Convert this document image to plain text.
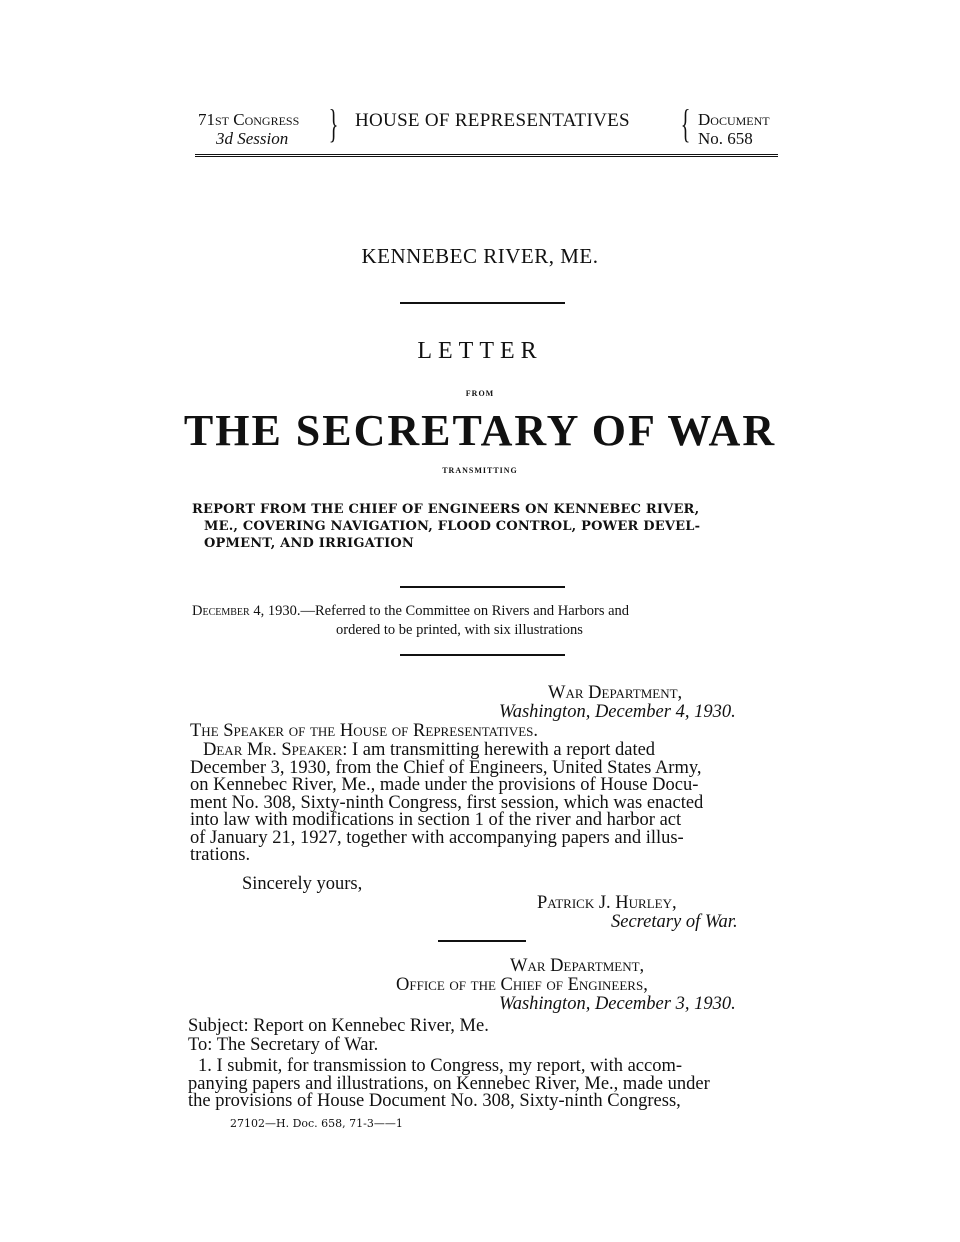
71st Congress
3d Session } HOUSE OF REPRESENTATIVES { Document
No. 658
KENNEBEC RIVER, ME.
LETTER
FROM
THE SECRETARY OF WAR
TRANSMITTING
REPORT FROM THE CHIEF OF ENGINEERS ON KENNEBEC RIVER,
ME., COVERING NAVIGATION, FLOOD CONTROL, POWER DEVEL-
OPMENT, AND IRRIGATION
December 4, 1930.—Referred to the Committee on Rivers and Harbors and
ordered to be printed, with six illustrations
War Department,
Washington, December 4, 1930.
The Speaker of the House of Representatives.
Dear Mr. Speaker: I am transmitting herewith a report dated
December 3, 1930, from the Chief of Engineers, United States Army,
on Kennebec River, Me., made under the provisions of House Docu-
ment No. 308, Sixty-ninth Congress, first session, which was enacted
into law with modifications in section 1 of the river and harbor act
of January 21, 1927, together with accompanying papers and illus-
trations.
Sincerely yours,
Patrick J. Hurley,
Secretary of War.
War Department,
Office of the Chief of Engineers,
Washington, December 3, 1930.
Subject: Report on Kennebec River, Me.
To: The Secretary of War.
1. I submit, for transmission to Congress, my report, with accom-
panying papers and illustrations, on Kennebec River, Me., made under
the provisions of House Document No. 308, Sixty-ninth Congress,
27102—H. Doc. 658, 71-3——1
